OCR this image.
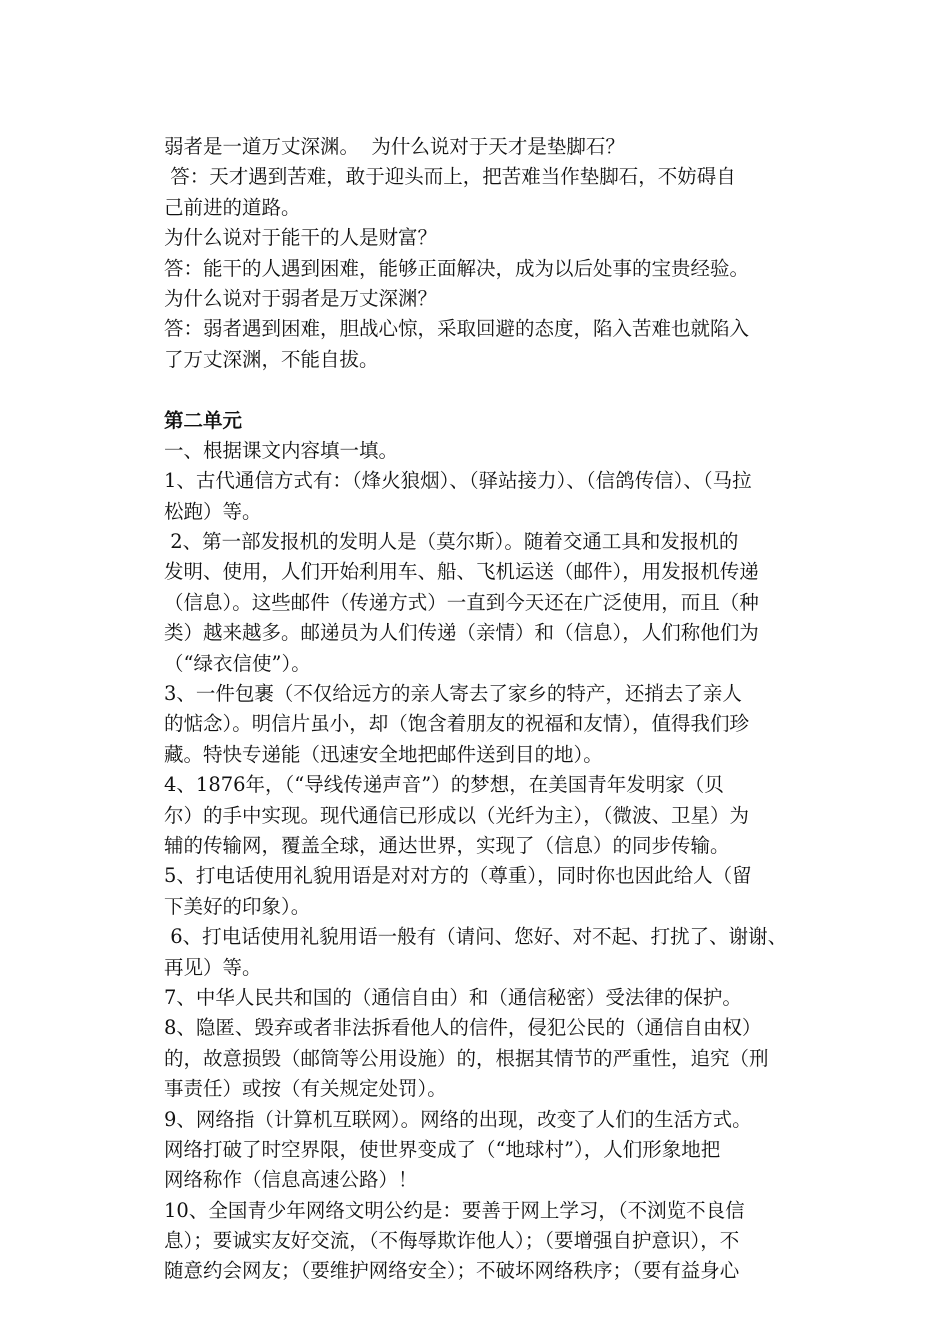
弱者是一道万丈深渊。  为什么说对于天才是垫脚石？
答：天才遇到苦难，敢于迎头而上，把苦难当作垫脚石，不妨碍自
己前进的道路。
为什么说对于能干的人是财富？
答：能干的人遇到困难，能够正面解决，成为以后处事的宝贵经验。
为什么说对于弱者是万丈深渊？
答：弱者遇到困难，胆战心惊，采取回避的态度，陷入苦难也就陷入
了万丈深渊，不能自拔。
第二单元
一、根据课文内容填一填。
1、古代通信方式有：（烽火狼烟）、（驿站接力）、（信鸽传信）、（马拉
松跑）等。
2、第一部发报机的发明人是（莫尔斯）。随着交通工具和发报机的
发明、使用，人们开始利用车、船、飞机运送（邮件），用发报机传递
（信息）。这些邮件（传递方式）一直到今天还在广泛使用，而且（种
类）越来越多。邮递员为人们传递（亲情）和（信息），人们称他们为
（“绿衣信使”）。
3、一件包裹（不仅给远方的亲人寄去了家乡的特产，还捎去了亲人
的惦念）。明信片虽小，却（饱含着朋友的祝福和友情），值得我们珍
藏。特快专递能（迅速安全地把邮件送到目的地）。
4、1876年，（“导线传递声音”）的梦想，在美国青年发明家（贝
尔）的手中实现。现代通信已形成以（光纤为主），（微波、卫星）为
辅的传输网，覆盖全球，通达世界，实现了（信息）的同步传输。
5、打电话使用礼貌用语是对对方的（尊重），同时你也因此给人（留
下美好的印象）。
6、打电话使用礼貌用语一般有（请问、您好、对不起、打扰了、谢谢、
再见）等。
7、中华人民共和国的（通信自由）和（通信秘密）受法律的保护。
8、隐匿、毁弃或者非法拆看他人的信件，侵犯公民的（通信自由权）
的，故意损毁（邮筒等公用设施）的，根据其情节的严重性，追究（刑
事责任）或按（有关规定处罚）。
9、网络指（计算机互联网）。网络的出现，改变了人们的生活方式。
网络打破了时空界限，使世界变成了（“地球村”），人们形象地把
网络称作（信息高速公路）！
10、全国青少年网络文明公约是：要善于网上学习，（不浏览不良信
息）；要诚实友好交流，（不侮辱欺诈他人）；（要增强自护意识），不
随意约会网友；（要维护网络安全）；不破坏网络秩序；（要有益身心
